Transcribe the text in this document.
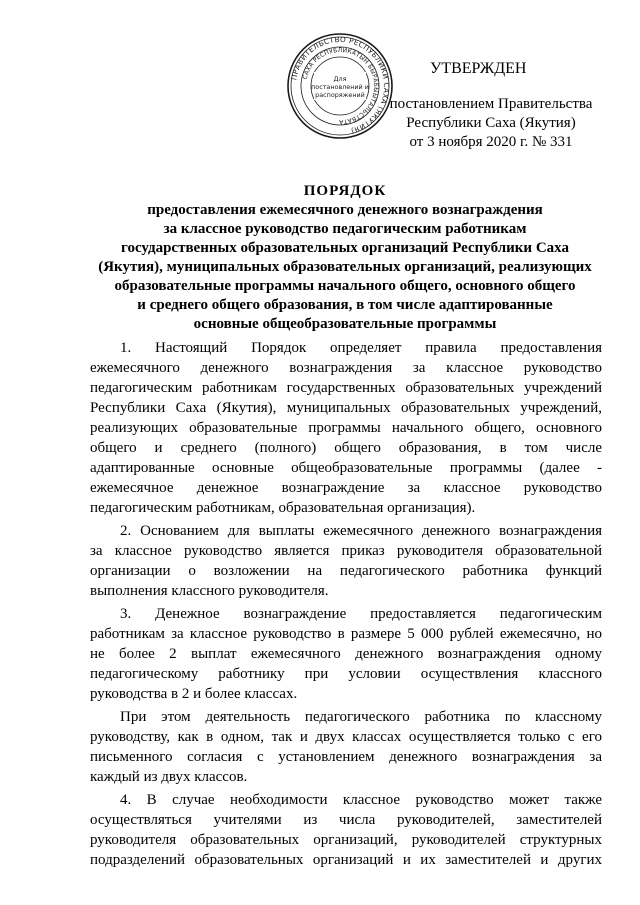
ПРАВИТЕЛЬСТВО РЕСПУБЛИКИ САХА (ЯКУТИЯ)
САХА РЕСПУБЛИКАТЫН БЫРАБЫЫТАЛЬСТВАТА
Для
постановлений и
распоряжений
УТВЕРЖДЕН
постановлением Правительства
Республики Саха (Якутия)
от 3 ноября 2020 г. № 331
ПОРЯДОК
предоставления ежемесячного денежного вознаграждения
за классное руководство педагогическим работникам
государственных образовательных организаций Республики Саха
(Якутия), муниципальных образовательных организаций, реализующих
образовательные программы начального общего, основного общего
и среднего общего образования, в том числе адаптированные
основные общеобразовательные программы
1. Настоящий Порядок определяет правила предоставления
ежемесячного денежного вознаграждения за классное руководство
педагогическим работникам государственных образовательных учреждений
Республики Саха (Якутия), муниципальных образовательных учреждений,
реализующих образовательные программы начального общего, основного
общего и среднего (полного) общего образования, в том числе
адаптированные основные общеобразовательные программы (далее -
ежемесячное денежное вознаграждение за классное руководство
педагогическим работникам, образовательная организация).
2. Основанием для выплаты ежемесячного денежного вознаграждения
за классное руководство является приказ руководителя образовательной
организации о возложении на педагогического работника функций
выполнения классного руководителя.
3. Денежное вознаграждение предоставляется педагогическим
работникам за классное руководство в размере 5 000 рублей ежемесячно, но
не более 2 выплат ежемесячного денежного вознаграждения одному
педагогическому работнику при условии осуществления классного
руководства в 2 и более классах.
При этом деятельность педагогического работника по классному
руководству, как в одном, так и двух классах осуществляется только с его
письменного согласия с установлением денежного вознаграждения за
каждый из двух классов.
4. В случае необходимости классное руководство может также
осуществляться учителями из числа руководителей, заместителей
руководителя образовательных организаций, руководителей структурных
подразделений образовательных организаций и их заместителей и других
